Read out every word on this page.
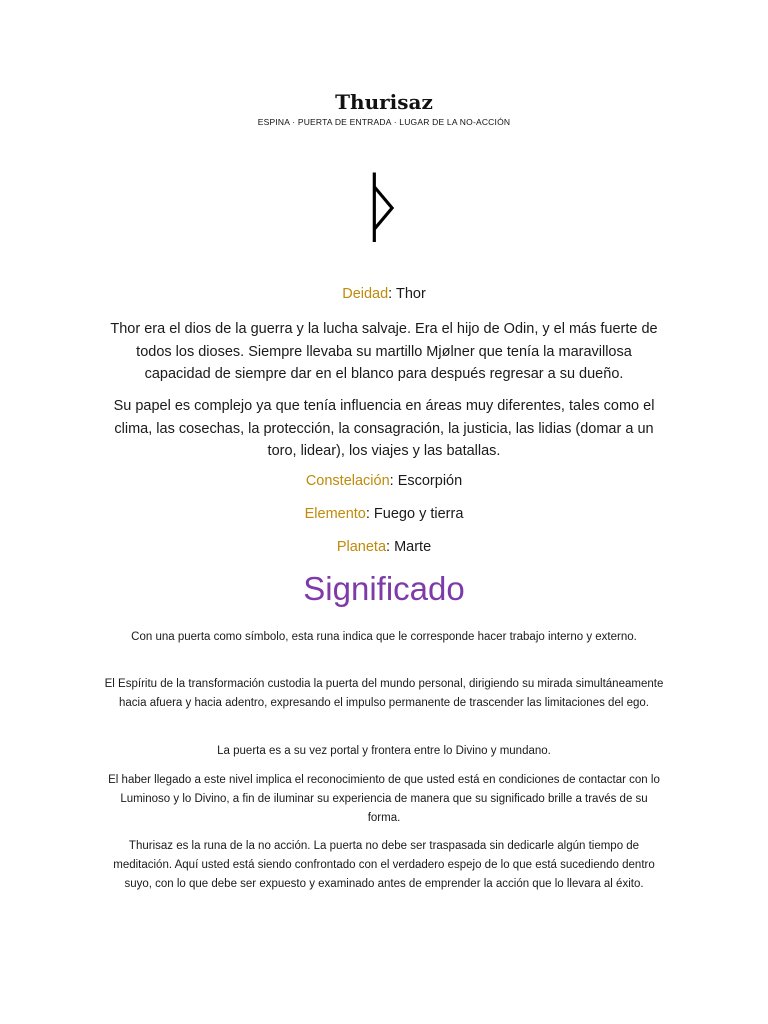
Thurisaz
ESPINA · PUERTA DE ENTRADA · LUGAR DE LA NO-ACCIÓN
ᚦ
Deidad: Thor
Thor era el dios de la guerra y la lucha salvaje. Era el hijo de Odin, y el más fuerte de todos los dioses. Siempre llevaba su martillo Mjølner que tenía la maravillosa capacidad de siempre dar en el blanco para después regresar a su dueño.
Su papel es complejo ya que tenía influencia en áreas muy diferentes, tales como el clima, las cosechas, la protección, la consagración, la justicia, las lidias (domar a un toro, lidear), los viajes y las batallas.
Constelación: Escorpión
Elemento: Fuego y tierra
Planeta: Marte
Significado
Con una puerta como símbolo, esta runa indica que le corresponde hacer trabajo interno y externo.
El Espíritu de la transformación custodia la puerta del mundo personal, dirigiendo su mirada simultáneamente hacia afuera y hacia adentro, expresando el impulso permanente de trascender las limitaciones del ego.
La puerta es a su vez portal y frontera entre lo Divino y mundano.
El haber llegado a este nivel implica el reconocimiento de que usted está en condiciones de contactar con lo Luminoso y lo Divino, a fin de iluminar su experiencia de manera que su significado brille a través de su forma.
Thurisaz es la runa de la no acción. La puerta no debe ser traspasada sin dedicarle algún tiempo de meditación. Aquí usted está siendo confrontado con el verdadero espejo de lo que está sucediendo dentro suyo, con lo que debe ser expuesto y examinado antes de emprender la acción que lo llevara al éxito.
